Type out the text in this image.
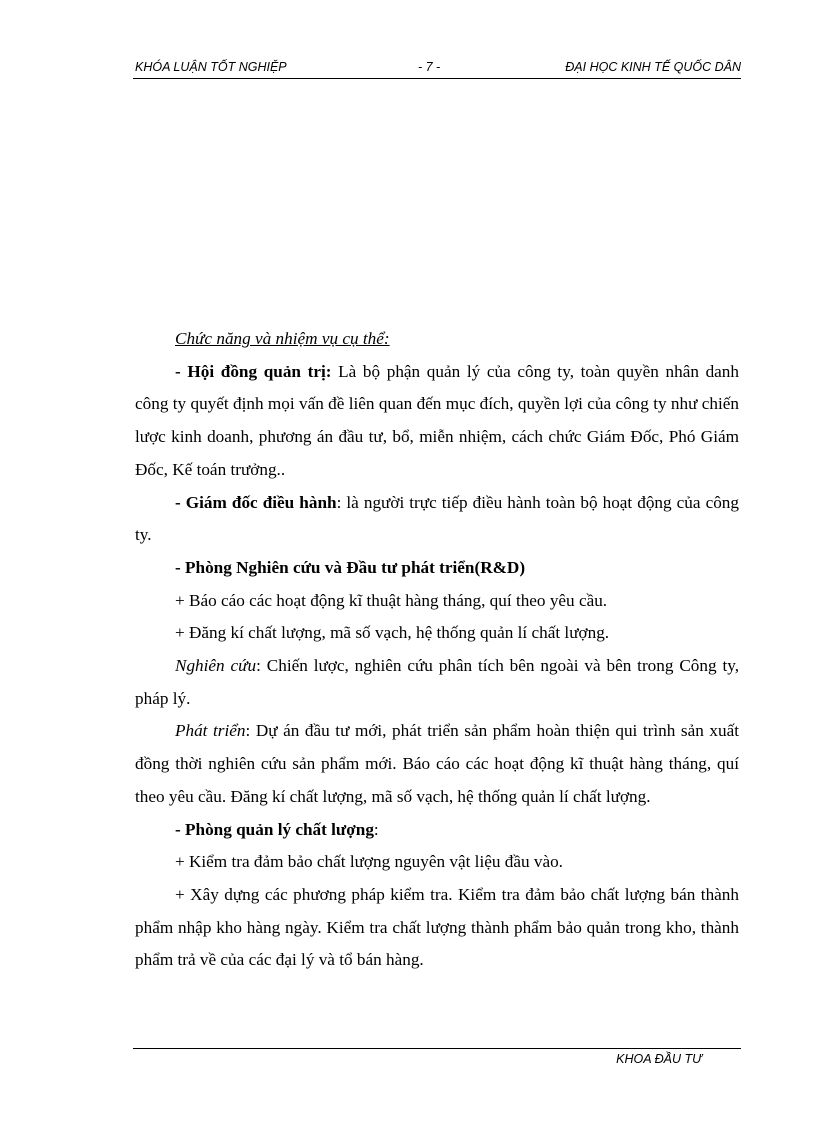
KHÓA LUẬN TỐT NGHIỆP	- 7 -	ĐẠI HỌC KINH TẾ QUỐC DÂN

Chức năng và nhiệm vụ cụ thể:

- Hội đồng quản trị: Là bộ phận quản lý của công ty, toàn quyền nhân danh công ty quyết định mọi vấn đề liên quan đến mục đích, quyền lợi của công ty như chiến lược kinh doanh, phương án đầu tư, bổ, miễn nhiệm, cách chức Giám Đốc, Phó Giám Đốc, Kế toán trưởng..

- Giám đốc điều hành: là người trực tiếp điều hành toàn bộ hoạt động của công ty.

- Phòng Nghiên cứu và Đầu tư phát triển(R&D)

+ Báo cáo các hoạt động kĩ thuật hàng tháng, quí theo yêu cầu.

+ Đăng kí chất lượng, mã số vạch, hệ thống quản lí chất lượng.

Nghiên cứu: Chiến lược, nghiên cứu phân tích bên ngoài và bên trong Công ty, pháp lý.

Phát triển: Dự án đầu tư mới, phát triển sản phẩm hoàn thiện qui trình sản xuất đồng thời nghiên cứu sản phẩm mới. Báo cáo các hoạt động kĩ thuật hàng tháng, quí theo yêu cầu. Đăng kí chất lượng, mã số vạch, hệ thống quản lí chất lượng.

- Phòng quản lý chất lượng:

+ Kiểm tra đảm bảo chất lượng nguyên vật liệu đầu vào.

+ Xây dựng các phương pháp kiểm tra. Kiểm tra đảm bảo chất lượng bán thành phẩm nhập kho hàng ngày. Kiểm tra chất lượng thành phẩm bảo quản trong kho, thành phẩm trả về của các đại lý và tổ bán hàng.

KHOA ĐẦU TƯ
